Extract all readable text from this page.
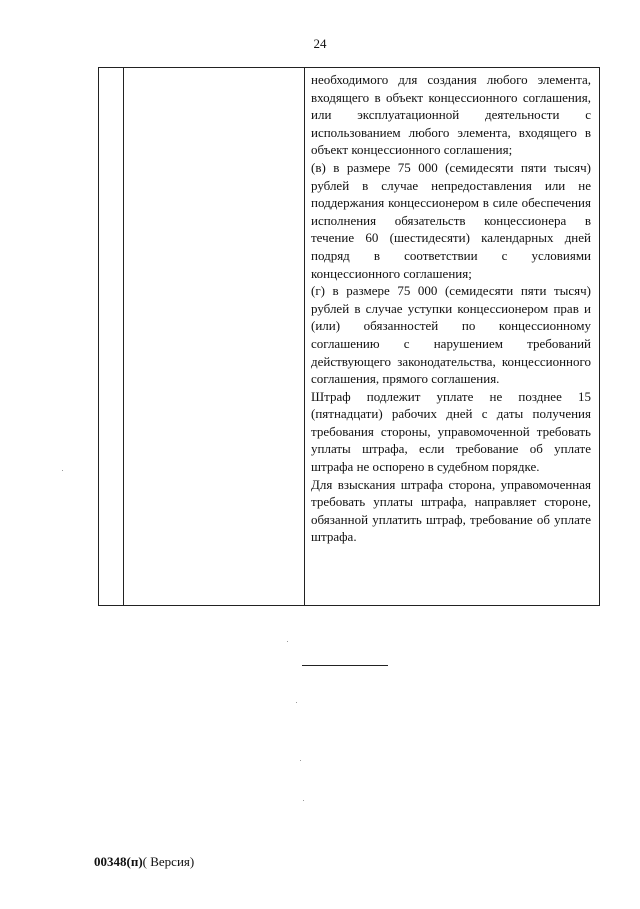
24

необходимого для создания любого элемента, входящего в объект концессионного соглашения, или эксплуатационной деятельности с использованием любого элемента, входящего в объект концессионного соглашения;

(в) в размере 75 000 (семидесяти пяти тысяч) рублей в случае непредоставления или не поддержания концессионером в силе обеспечения исполнения обязательств концессионера в течение 60 (шестидесяти) календарных дней подряд в соответствии с условиями концессионного соглашения;

(г) в размере 75 000 (семидесяти пяти тысяч) рублей в случае уступки концессионером прав и (или) обязанностей по концессионному соглашению с нарушением требований действующего законодательства, концессионного соглашения, прямого соглашения.

Штраф подлежит уплате не позднее 15 (пятнадцати) рабочих дней с даты получения требования стороны, управомоченной требовать уплаты штрафа, если требование об уплате штрафа не оспорено в судебном порядке.

Для взыскания штрафа сторона, управомоченная требовать уплаты штрафа, направляет стороне, обязанной уплатить штраф, требование об уплате штрафа.

00348(п)( Версия)
